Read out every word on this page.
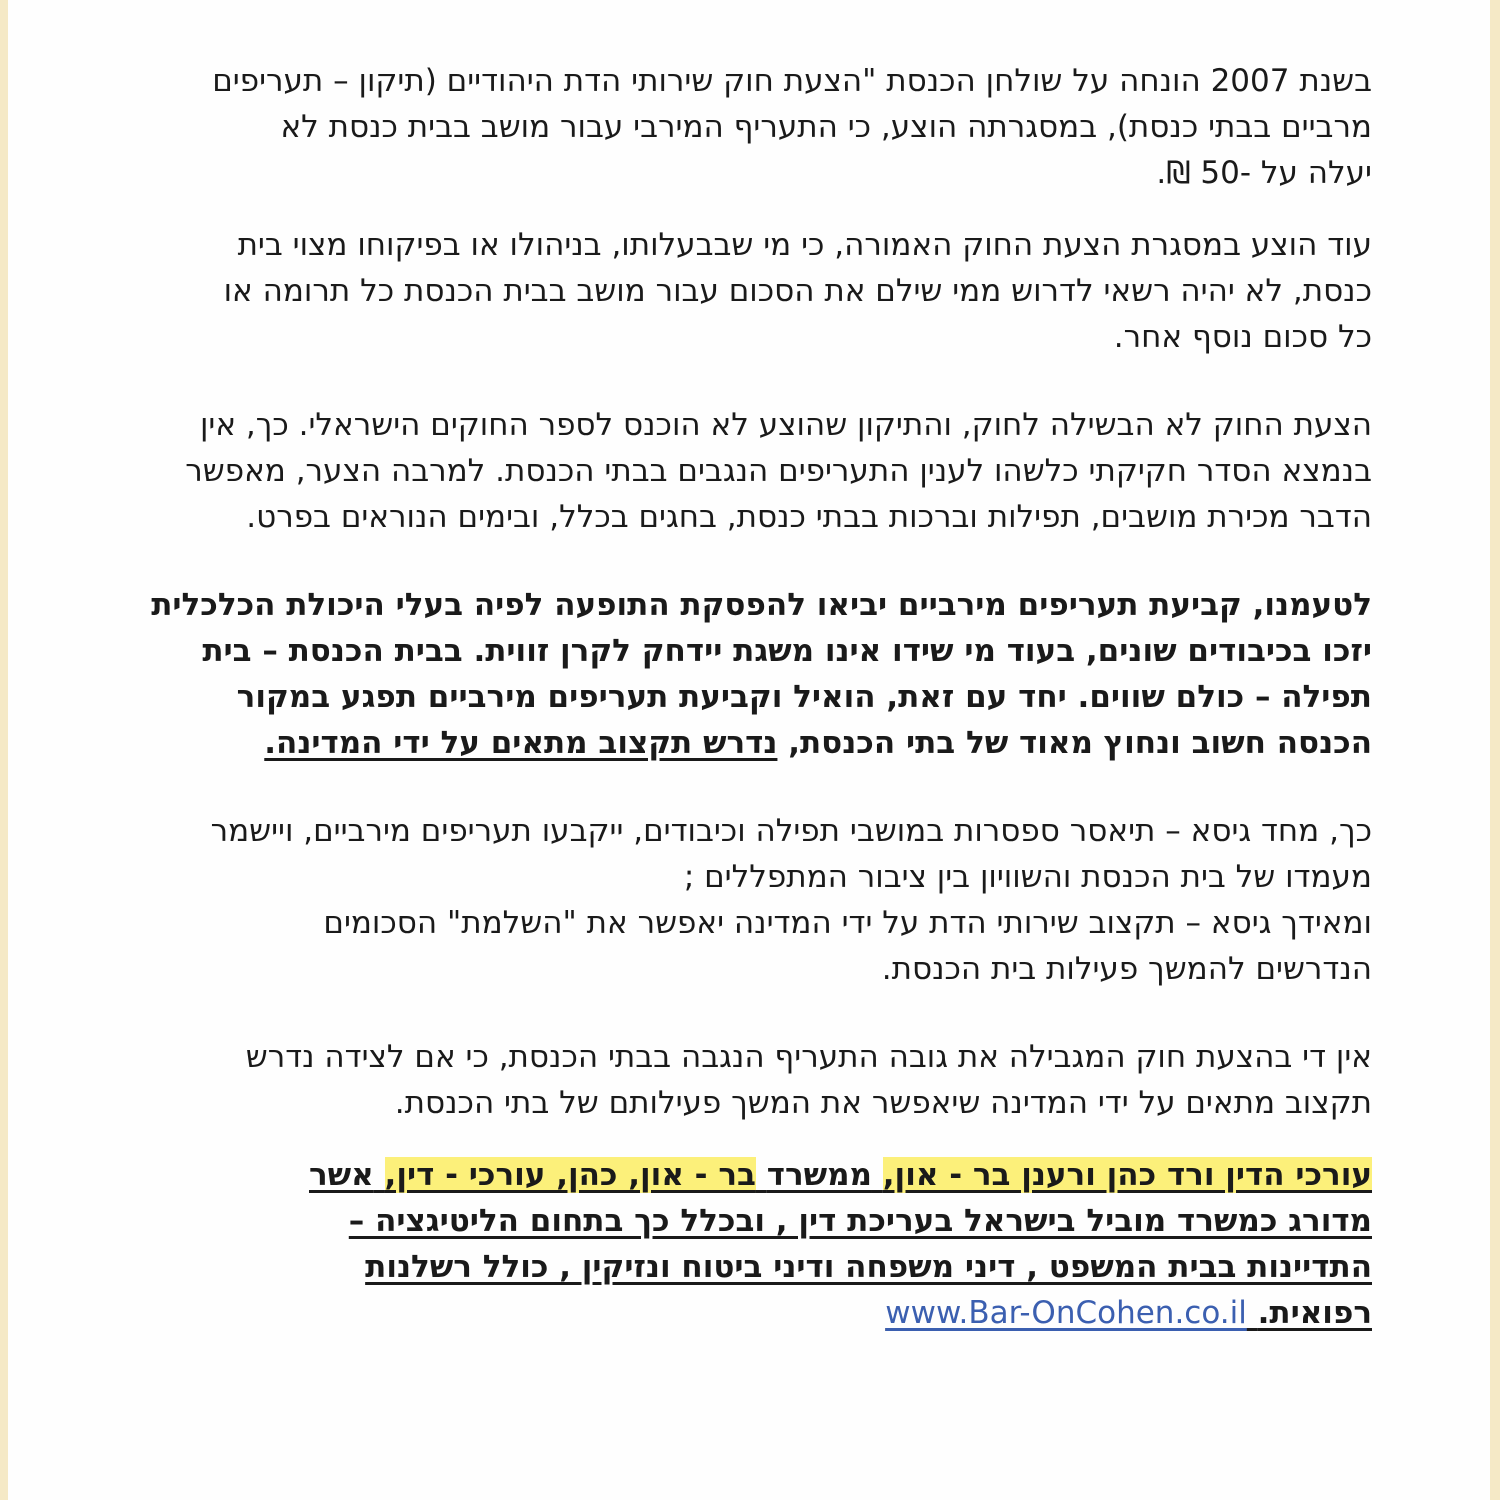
בשנת 2007 הונחה על שולחן הכנסת "הצעת חוק שירותי הדת היהודיים (תיקון – תעריפים
מרביים בבתי כנסת), במסגרתה הוצע, כי התעריף המירבי עבור מושב בבית כנסת לא
יעלה על -50 ₪.

עוד הוצע במסגרת הצעת החוק האמורה, כי מי שבבעלותו, בניהולו או בפיקוחו מצוי בית
כנסת, לא יהיה רשאי לדרוש ממי שילם את הסכום עבור מושב בבית הכנסת כל תרומה או
כל סכום נוסף אחר.

הצעת החוק לא הבשילה לחוק, והתיקון שהוצע לא הוכנס לספר החוקים הישראלי. כך, אין
בנמצא הסדר חקיקתי כלשהו לענין התעריפים הנגבים בבתי הכנסת. למרבה הצער, מאפשר
הדבר מכירת מושבים, תפילות וברכות בבתי כנסת, בחגים בכלל, ובימים הנוראים בפרט.

לטעמנו, קביעת תעריפים מירביים יביאו להפסקת התופעה לפיה בעלי היכולת הכלכלית
יזכו בכיבודים שונים, בעוד מי שידו אינו משגת יידחק לקרן זווית. בבית הכנסת – בית
תפילה – כולם שווים. יחד עם זאת, הואיל וקביעת תעריפים מירביים תפגע במקור
הכנסה חשוב ונחוץ מאוד של בתי הכנסת, נדרש תקצוב מתאים על ידי המדינה.

כך, מחד גיסא – תיאסר ספסרות במושבי תפילה וכיבודים, ייקבעו תעריפים מירביים, ויישמר
מעמדו של בית הכנסת והשוויון בין ציבור המתפללים ;
ומאידך גיסא – תקצוב שירותי הדת על ידי המדינה יאפשר את "השלמת" הסכומים
הנדרשים להמשך פעילות בית הכנסת.

אין די בהצעת חוק המגבילה את גובה התעריף הנגבה בבתי הכנסת, כי אם לצידה נדרש
תקצוב מתאים על ידי המדינה שיאפשר את המשך פעילותם של בתי הכנסת.

עורכי הדין ורד כהן ורענן בר - און, ממשרד בר - און, כהן, עורכי - דין, אשר
מדורג כמשרד מוביל בישראל בעריכת דין , ובכלל כך בתחום הליטיגציה –
התדיינות בבית המשפט , דיני משפחה ודיני ביטוח ונזיקין , כולל רשלנות
רפואית. www.Bar-OnCohen.co.il
